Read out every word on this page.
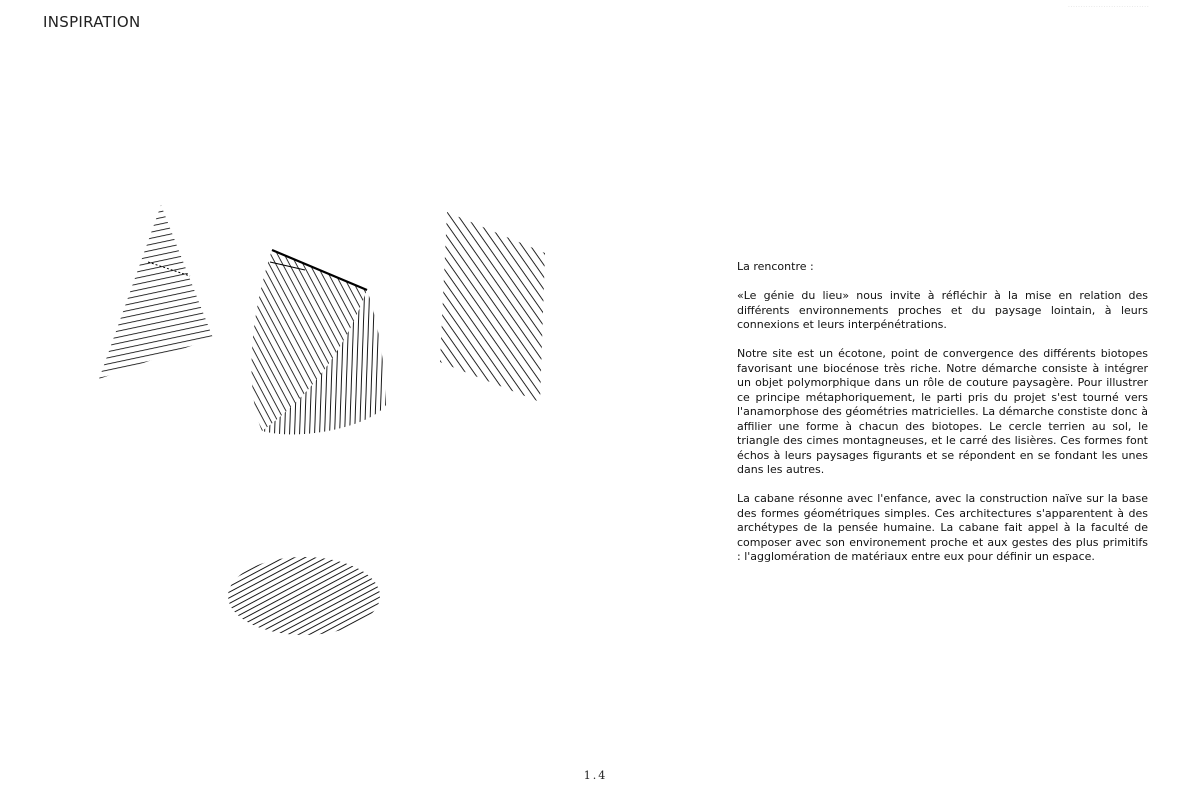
INSPIRATION
................................

La rencontre :

«Le génie du lieu» nous invite à réfléchir à la mise en relation des différents environnements proches et du paysage lointain, à leurs connexions et leurs interpénétrations.

Notre site est un écotone, point de convergence des différents biotopes favorisant une biocénose très riche. Notre démarche consiste à intégrer un objet polymorphique dans un rôle de couture paysagère. Pour illustrer ce principe métaphoriquement, le parti pris du projet s'est tourné vers l'anamorphose des géométries matricielles. La démarche constiste donc à affilier une forme à chacun des biotopes. Le cercle terrien au sol, le triangle des cimes montagneuses, et le carré des lisières. Ces formes font échos à leurs paysages figurants et se répondent en se fondant les unes dans les autres.

La cabane résonne avec l'enfance, avec la construction naïve sur la base des formes géométriques simples. Ces architectures s'apparentent à des archétypes de la pensée humaine. La cabane fait appel à la faculté de composer avec son environement proche et aux gestes des plus primitifs : l'agglomération de matériaux entre eux pour définir un espace.

1.4
